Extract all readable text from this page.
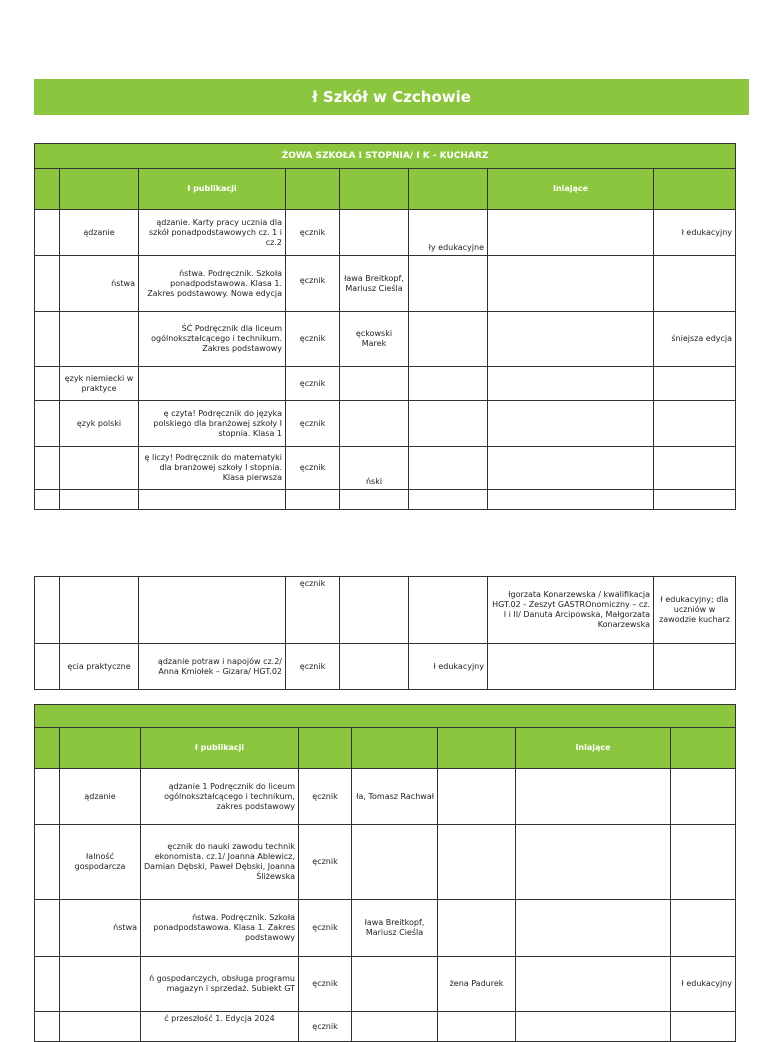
ł Szkół w Czchowie
ŻOWA SZKOŁA I STOPNIA/ I K - KUCHARZ							
		ł publikacji				Iniające	
	ądzanie	ądzanie. Karty pracy ucznia dla szkół ponadpodstawowych cz. 1 i cz.2	ęcznik		ły edukacyjne		ł edukacyjny
	ństwa	ństwa. Podręcznik. Szkoła ponadpodstawowa. Klasa 1. Zakres podstawowy. Nowa edycja	ęcznik	ława Breitkopf, Mariusz Cieśla			
		ŚĆ Podręcznik dla liceum ogólnokształcącego i technikum. Zakres podstawowy	ęcznik	ęckowski Marek			śniejsza edycja
	ęzyk niemiecki w praktyce		ęcznik				
	ęzyk polski	ę czyta! Podręcznik do języka polskiego dla branżowej szkoły I stopnia. Klasa 1	ęcznik				
		ę liczy! Podręcznik do matematyki dla branżowej szkoły I stopnia. Klasa pierwsza	ęcznik	ński			

			ęcznik			łgorzata Konarzewska / kwalifikacja HGT.02 - Zeszyt GASTROnomiczny – cz. I i II/ Danuta Arcipowska, Małgorzata Konarzewska	ł edukacyjny; dla uczniów w zawodzie kucharz
	ęcia praktyczne	ądzanie potraw i napojów cz.2/ Anna Kmiołek – Gizara/ HGT.02	ęcznik		ł edukacyjny		

		ł publikacji				Iniające	
	ądzanie	ądzanie 1 Podręcznik do liceum ogólnokształcącego i technikum, zakres podstawowy	ęcznik	ła, Tomasz Rachwał			
	łalność gospodarcza	ęcznik do nauki zawodu technik ekonomista. cz.1/ Joanna Ablewicz, Damian Dębski, Paweł Dębski, Joanna Śliżewska	ęcznik				
	ństwa	ństwa. Podręcznik. Szkoła ponadpodstawowa. Klasa 1. Zakres podstawowy	ęcznik	ława Breitkopf, Mariusz Cieśla			
		ń gospodarczych, obsługa programu magazyn i sprzedaż. Subiekt GT	ęcznik		żena Padurek		ł edukacyjny
		ć przeszłość 1. Edycja 2024	ęcznik				
